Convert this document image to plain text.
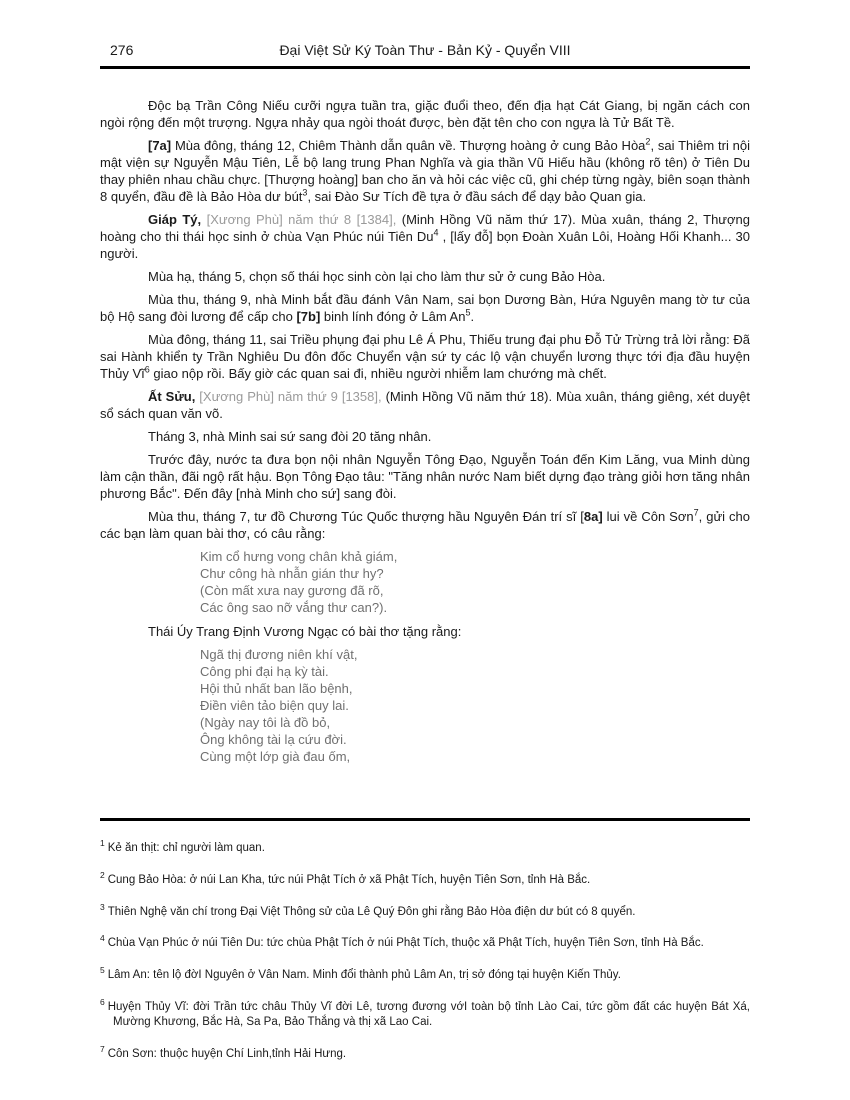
276	Đại Việt Sử Ký Toàn Thư - Bản Kỷ - Quyển VIII

Độc bạ Trần Công Niếu cưỡi ngựa tuần tra, giặc đuổi theo, đến địa hạt Cát Giang, bị ngăn cách con ngòi rộng đến một trượng. Ngựa nhảy qua ngòi thoát được, bèn đặt tên cho con ngựa là Tử Bất Tề.

[7a] Mùa đông, tháng 12, Chiêm Thành dẫn quân về. Thượng hoàng ở cung Bảo Hòa$^2$, sai Thiêm tri nội mật viện sự Nguyễn Mậu Tiên, Lễ bộ lang trung Phan Nghĩa và gia thần Vũ Hiếu hầu (không rõ tên) ở Tiên Du thay phiên nhau chầu chực. [Thượng hoàng] ban cho ăn và hỏi các việc cũ, ghi chép từng ngày, biên soạn thành 8 quyển, đầu đề là Bảo Hòa dư bút$^3$, sai Đào Sư Tích đề tựa ở đầu sách để dạy bảo Quan gia.

Giáp Tý, [Xương Phù] năm thứ 8 [1384], (Minh Hồng Vũ năm thứ 17). Mùa xuân, tháng 2, Thượng hoàng cho thi thái học sinh ở chùa Vạn Phúc núi Tiên Du$^4$ , [lấy đỗ] bọn Đoàn Xuân Lôi, Hoàng Hối Khanh... 30 người.

Mùa hạ, tháng 5, chọn số thái học sinh còn lại cho làm thư sử ở cung Bảo Hòa.

Mùa thu, tháng 9, nhà Minh bắt đầu đánh Vân Nam, sai bọn Dương Bàn, Hứa Nguyên mang tờ tư của bộ Hộ sang đòi lương để cấp cho [7b] binh lính đóng ở Lâm An$^5$.

Mùa đông, tháng 11, sai Triều phụng đại phu Lê Á Phu, Thiếu trung đại phu Đỗ Tử Trừng trả lời rằng: Đã sai Hành khiển ty Trần Nghiêu Du đôn đốc Chuyển vận sứ ty các lộ vận chuyển lương thực tới địa đầu huyện Thủy $Vĩ^6$ giao nộp rồi. Bấy giờ các quan sai đi, nhiều người nhiễm lam chướng mà chết.

Ất Sửu, [Xương Phù] năm thứ 9 [1358], (Minh Hồng Vũ năm thứ 18). Mùa xuân, tháng giêng, xét duyệt sổ sách quan văn võ.

Tháng 3, nhà Minh sai sứ sang đòi 20 tăng nhân.

Trước đây, nước ta đưa bọn nội nhân Nguyễn Tông Đạo, Nguyễn Toán đến Kim Lăng, vua Minh dùng làm cận thần, đãi ngộ rất hậu. Bọn Tông Đạo tâu: "Tăng nhân nước Nam biết dựng đạo tràng giỏi hơn tăng nhân phương Bắc". Đến đây [nhà Minh cho sứ] sang đòi.

Mùa thu, tháng 7, tư đồ Chương Túc Quốc thượng hầu Nguyên Đán trí sĩ [8a] lui về Côn Sơn$^7$, gửi cho các bạn làm quan bài thơ, có câu rằng:

Kim cổ hưng vong chân khả giám,
Chư công hà nhẫn gián thư hy?
(Còn mất xưa nay gương đã rõ,
Các ông sao nỡ vắng thư can?).

Thái Úy Trang Định Vương Ngạc có bài thơ tặng rằng:

Ngã thị đương niên khí vật,
Công phi đại hạ kỳ tài.
Hội thủ nhất ban lão bệnh,
Điền viên tảo biện quy lai.
(Ngày nay tôi là đồ bỏ,
Ông không tài lạ cứu đời.
Cùng một lớp già đau ốm,
$^1$ Kẻ ăn thịt: chỉ người làm quan.
$^2$ Cung Bảo Hòa: ở núi Lan Kha, tức núi Phật Tích ở xã Phật Tích, huyện Tiên Sơn, tỉnh Hà Bắc.
$^3$ Thiên Nghệ văn chí trong Đại Việt Thông sử của Lê Quý Đôn ghi rằng Bảo Hòa điện dư bút có 8 quyển.
$^4$ Chùa Vạn Phúc ở núi Tiên Du: tức chùa Phật Tích ở núi Phật Tích, thuộc xã Phật Tích, huyện Tiên Sơn, tỉnh Hà Bắc.
$^5$ Lâm An: tên lộ đờI Nguyên ở Vân Nam. Minh đổi thành phủ Lâm An, trị sở đóng tại huyện Kiến Thủy.
$^6$ Huyện Thủy Vĩ: đời Trần tức châu Thủy Vĩ đời Lê, tương đương vớI toàn bộ tỉnh Lào Cai, tức gồm đất các huyện Bát Xá, Mường Khương, Bắc Hà, Sa Pa, Bảo Thắng và thị xã Lao Cai.
$^7$ Côn Sơn: thuộc huyện Chí Linh,tỉnh Hải Hưng.
